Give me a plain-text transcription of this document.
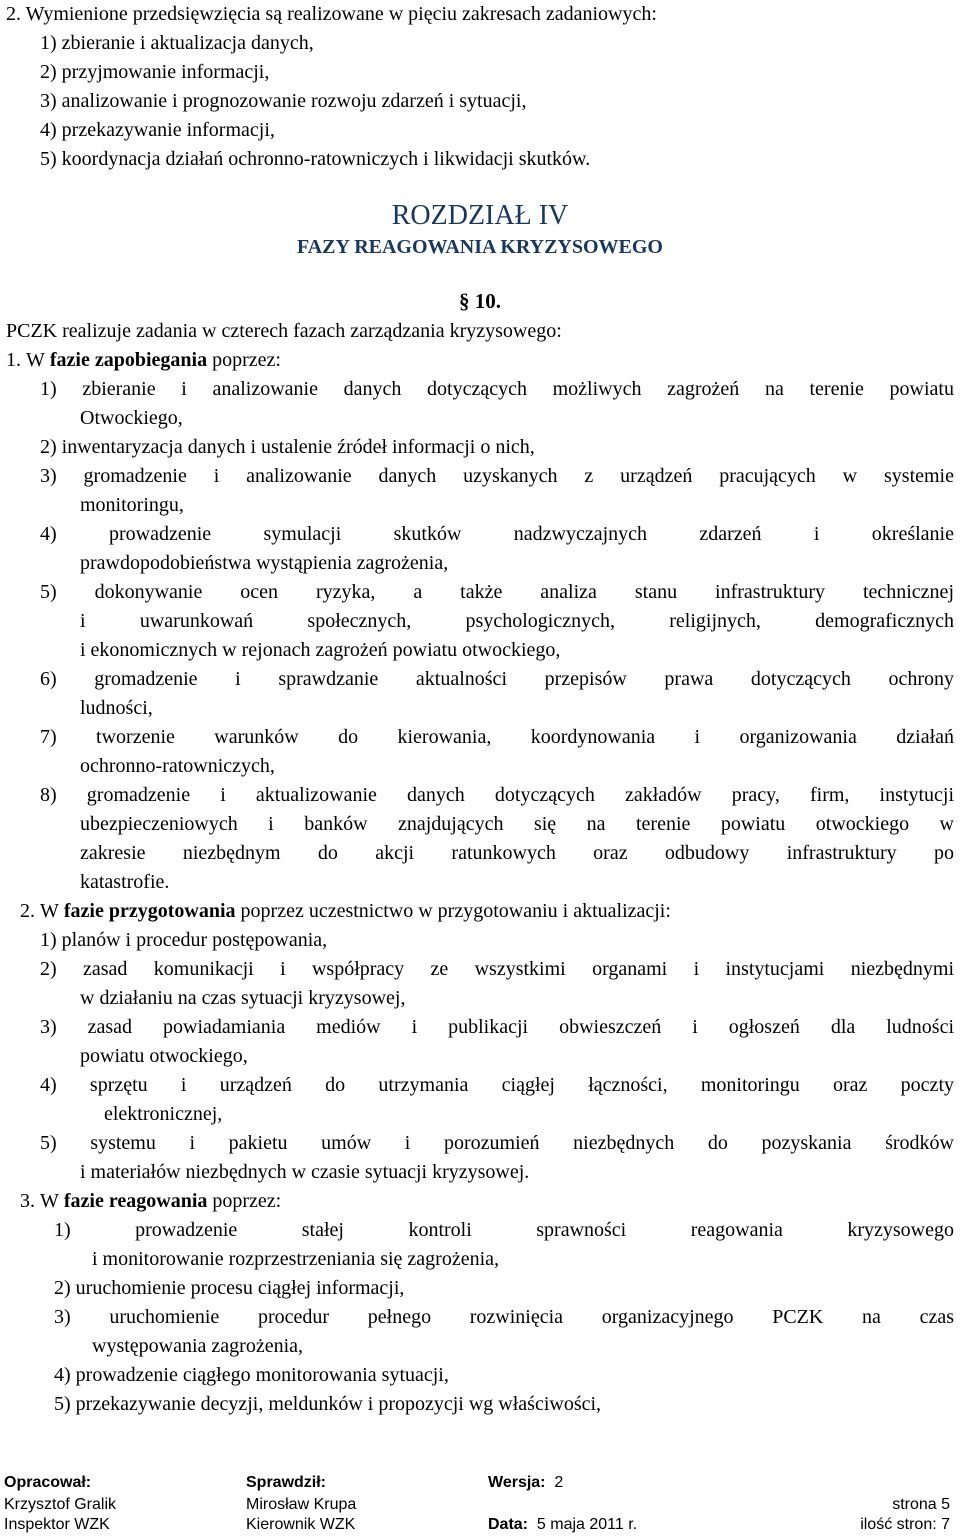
2. Wymienione przedsięwzięcia są realizowane w pięciu zakresach zadaniowych:
1) zbieranie i aktualizacja danych,
2) przyjmowanie informacji,
3) analizowanie i prognozowanie rozwoju zdarzeń i sytuacji,
4) przekazywanie informacji,
5) koordynacja działań ochronno-ratowniczych i likwidacji skutków.
ROZDZIAŁ IV
FAZY REAGOWANIA KRYZYSOWEGO
§ 10.
PCZK realizuje zadania w czterech fazach zarządzania kryzysowego:
1. W fazie zapobiegania poprzez:
1) zbieranie i analizowanie danych dotyczących możliwych zagrożeń na terenie powiatu
Otwockiego,
2) inwentaryzacja danych i ustalenie źródeł informacji o nich,
3) gromadzenie i analizowanie danych uzyskanych z urządzeń pracujących w systemie
monitoringu,
4) prowadzenie symulacji skutków nadzwyczajnych zdarzeń i określanie
prawdopodobieństwa wystąpienia zagrożenia,
5) dokonywanie ocen ryzyka, a także analiza stanu infrastruktury technicznej
i uwarunkowań społecznych, psychologicznych, religijnych, demograficznych
i ekonomicznych w rejonach zagrożeń powiatu otwockiego,
6) gromadzenie i sprawdzanie aktualności przepisów prawa dotyczących ochrony
ludności,
7) tworzenie warunków do kierowania, koordynowania i organizowania działań
ochronno-ratowniczych,
8) gromadzenie i aktualizowanie danych dotyczących zakładów pracy, firm, instytucji
ubezpieczeniowych i banków znajdujących się na terenie powiatu otwockiego w
zakresie niezbędnym do akcji ratunkowych oraz odbudowy infrastruktury po
katastrofie.
2. W fazie przygotowania poprzez uczestnictwo w przygotowaniu i aktualizacji:
1) planów i procedur postępowania,
2) zasad komunikacji i współpracy ze wszystkimi organami i instytucjami niezbędnymi
w działaniu na czas sytuacji kryzysowej,
3) zasad powiadamiania mediów i publikacji obwieszczeń i ogłoszeń dla ludności
powiatu otwockiego,
4) sprzętu i urządzeń do utrzymania ciągłej łączności, monitoringu oraz poczty
elektronicznej,
5) systemu i pakietu umów i porozumień niezbędnych do pozyskania środków
i materiałów niezbędnych w czasie sytuacji kryzysowej.
3. W fazie reagowania poprzez:
1) prowadzenie stałej kontroli sprawności reagowania kryzysowego
i monitorowanie rozprzestrzeniania się zagrożenia,
2) uruchomienie procesu ciągłej informacji,
3) uruchomienie procedur pełnego rozwinięcia organizacyjnego PCZK na czas
występowania zagrożenia,
4) prowadzenie ciągłego monitorowania sytuacji,
5) przekazywanie decyzji, meldunków i propozycji wg właściwości,
Opracował:
Krzysztof Gralik
Inspektor WZK
Sprawdził:
Mirosław Krupa
Kierownik WZK
Wersja: 2
Data: 5 maja 2011 r.
strona 5
ilość stron: 7
